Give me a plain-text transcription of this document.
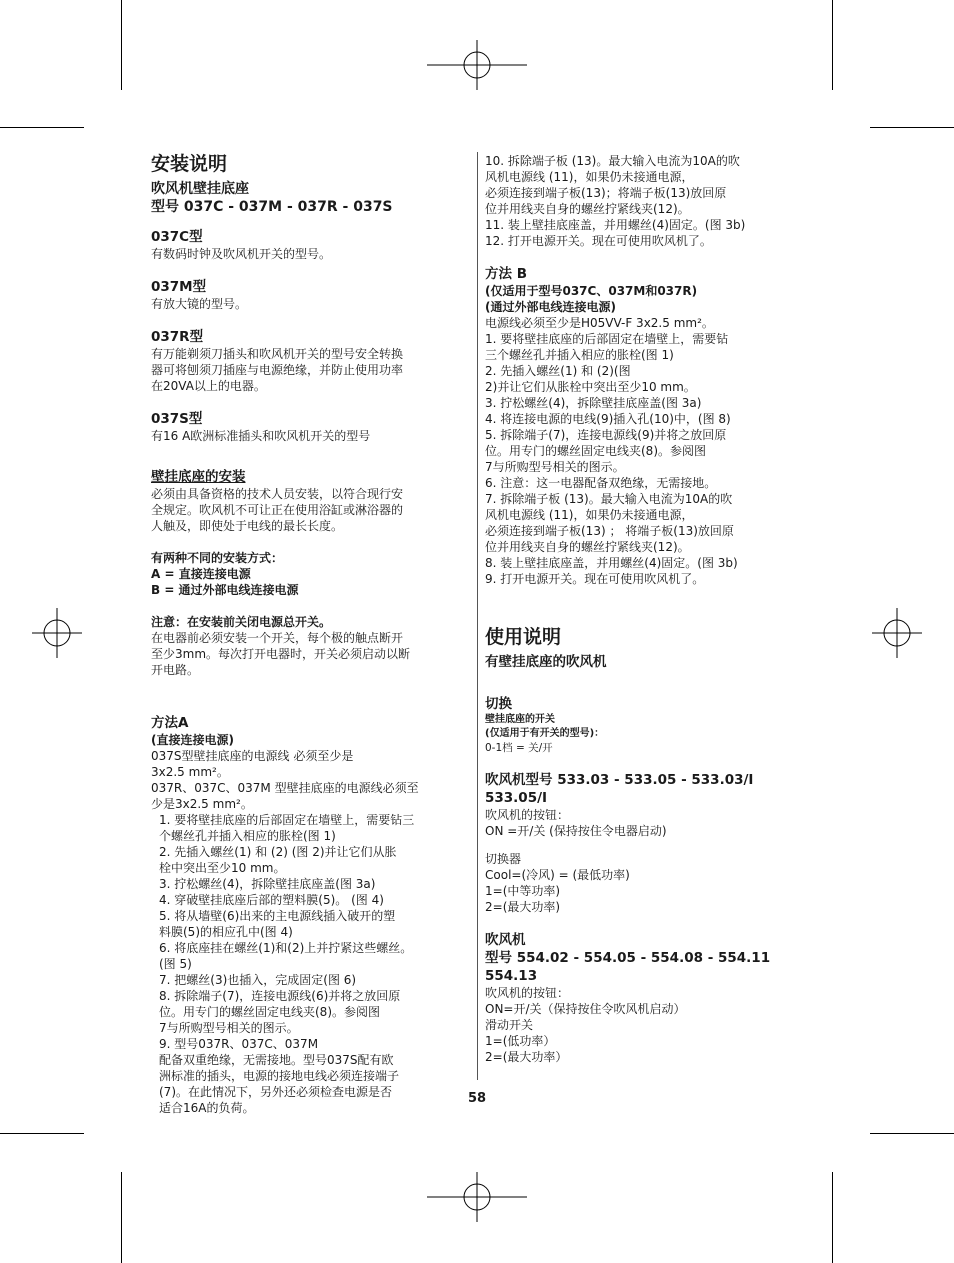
安装说明
吹风机壁挂底座
型号 037C - 037M - 037R - 037S
037C型
有数码时钟及吹风机开关的型号。
037M型
有放大镜的型号。
037R型
有万能剃须刀插头和吹风机开关的型号安全转换
器可将刨须刀插座与电源绝缘，并防止使用功率
在20VA以上的电器。
037S型
有16 A欧洲标准插头和吹风机开关的型号
壁挂底座的安装
必须由具备资格的技术人员安装，以符合现行安
全规定。吹风机不可让正在使用浴缸或淋浴器的
人触及，即使处于电线的最长长度。
有两种不同的安装方式：
A = 直接连接电源
B = 通过外部电线连接电源
注意：在安装前关闭电源总开关。
在电器前必须安装一个开关，每个极的触点断开
至少3mm。每次打开电器时，开关必须启动以断
开电路。
方法A
(直接连接电源)
037S型壁挂底座的电源线 必须至少是
3x2.5 mm²。
037R、037C、037M 型壁挂底座的电源线必须至
少是3x2.5 mm²。
1. 要将壁挂底座的后部固定在墙壁上，需要钻三
个螺丝孔并插入相应的胀栓(图 1)
2. 先插入螺丝(1) 和 (2) (图 2)并让它们从胀
栓中突出至少10 mm。
3. 拧松螺丝(4)，拆除壁挂底座盖(图 3a)
4. 穿破壁挂底座后部的塑料膜(5)。 (图 4)
5. 将从墙壁(6)出来的主电源线插入破开的塑
料膜(5)的相应孔中(图 4)
6. 将底座挂在螺丝(1)和(2)上并拧紧这些螺丝。
(图 5)
7. 把螺丝(3)也插入，完成固定(图 6)
8. 拆除端子(7)，连接电源线(6)并将之放回原
位。用专门的螺丝固定电线夹(8)。参阅图
7与所购型号相关的图示。
9. 型号037R、037C、037M
配备双重绝缘，无需接地。型号037S配有欧
洲标准的插头，电源的接地电线必须连接端子
(7)。在此情况下，另外还必须检查电源是否
适合16A的负荷。
10. 拆除端子板 (13)。最大输入电流为10A的吹
风机电源线 (11)，如果仍未接通电源，
必须连接到端子板(13)；将端子板(13)放回原
位并用线夹自身的螺丝拧紧线夹(12)。
11. 装上壁挂底座盖，并用螺丝(4)固定。(图 3b)
12. 打开电源开关。现在可使用吹风机了。
方法 B
(仅适用于型号037C、037M和037R)
(通过外部电线连接电源)
电源线必须至少是H05VV-F 3x2.5 mm²。
1. 要将壁挂底座的后部固定在墙壁上，需要钻
三个螺丝孔并插入相应的胀栓(图 1)
2. 先插入螺丝(1) 和 (2)(图
2)并让它们从胀栓中突出至少10 mm。
3. 拧松螺丝(4)，拆除壁挂底座盖(图 3a)
4. 将连接电源的电线(9)插入孔(10)中，(图 8)
5. 拆除端子(7)，连接电源线(9)并将之放回原
位。用专门的螺丝固定电线夹(8)。参阅图
7与所购型号相关的图示。
6. 注意：这一电器配备双绝缘，无需接地。
7. 拆除端子板 (13)。最大输入电流为10A的吹
风机电源线 (11)，如果仍未接通电源，
必须连接到端子板(13) ； 将端子板(13)放回原
位并用线夹自身的螺丝拧紧线夹(12)。
8. 装上壁挂底座盖，并用螺丝(4)固定。(图 3b)
9. 打开电源开关。现在可使用吹风机了。
使用说明
有壁挂底座的吹风机
切换
壁挂底座的开关
(仅适用于有开关的型号)：
0-1档 = 关/开
吹风机型号 533.03 - 533.05 - 533.03/I
533.05/I
吹风机的按钮：
ON =开/关 (保持按住令电器启动)
切换器
Cool=(冷风) = (最低功率)
1=(中等功率)
2=(最大功率)
吹风机
型号 554.02 - 554.05 - 554.08 - 554.11
554.13
吹风机的按钮：
ON=开/关（保持按住令吹风机启动）
滑动开关
1=(低功率）
2=(最大功率）
58
